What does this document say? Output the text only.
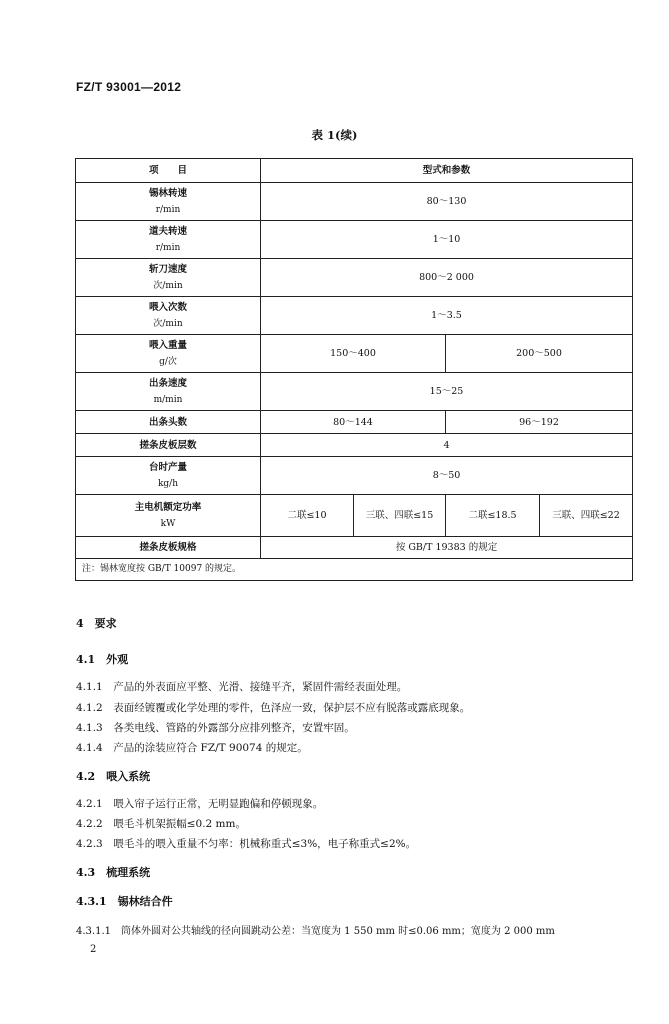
FZ/T 93001—2012
表 1(续)
项　　目	型式和参数			

锡林转速
r/min	80～130			

道夫转速
r/min	1～10			

斩刀速度
次/min	800～2 000			

喂入次数
次/min	1～3.5			

喂入重量
g/次	150～400		200～500	

出条速度
m/min	15～25			

出条头数	80～144		96～192	

搓条皮板层数	4			

台时产量
kg/h	8～50			

主电机额定功率
kW	二联≤10	三联、四联≤15	二联≤18.5	三联、四联≤22

搓条皮板规格	按 GB/T 19383 的规定			
注：锡林宽度按 GB/T 10097 的规定。				
4　要求
4.1　外观
4.1.1　 产品的外表面应平整、光滑、接缝平齐，紧固件需经表面处理。
4.1.2　 表面经镀覆或化学处理的零件，色泽应一致，保护层不应有脱落或露底现象。
4.1.3　 各类电线、管路的外露部分应排列整齐，安置牢固。
4.1.4　 产品的涂装应符合 FZ/T 90074 的规定。
4.2　喂入系统
4.2.1　 喂入帘子运行正常，无明显跑偏和停顿现象。
4.2.2　 喂毛斗机架振幅≤0.2 mm。
4.2.3　 喂毛斗的喂入重量不匀率：机械称重式≤3%，电子称重式≤2%。
4.3　梳理系统
4.3.1　锡林结合件
4.3.1.1　 筒体外圆对公共轴线的径向圆跳动公差：当宽度为 1 550 mm 时≤0.06 mm；宽度为 2 000 mm
2
